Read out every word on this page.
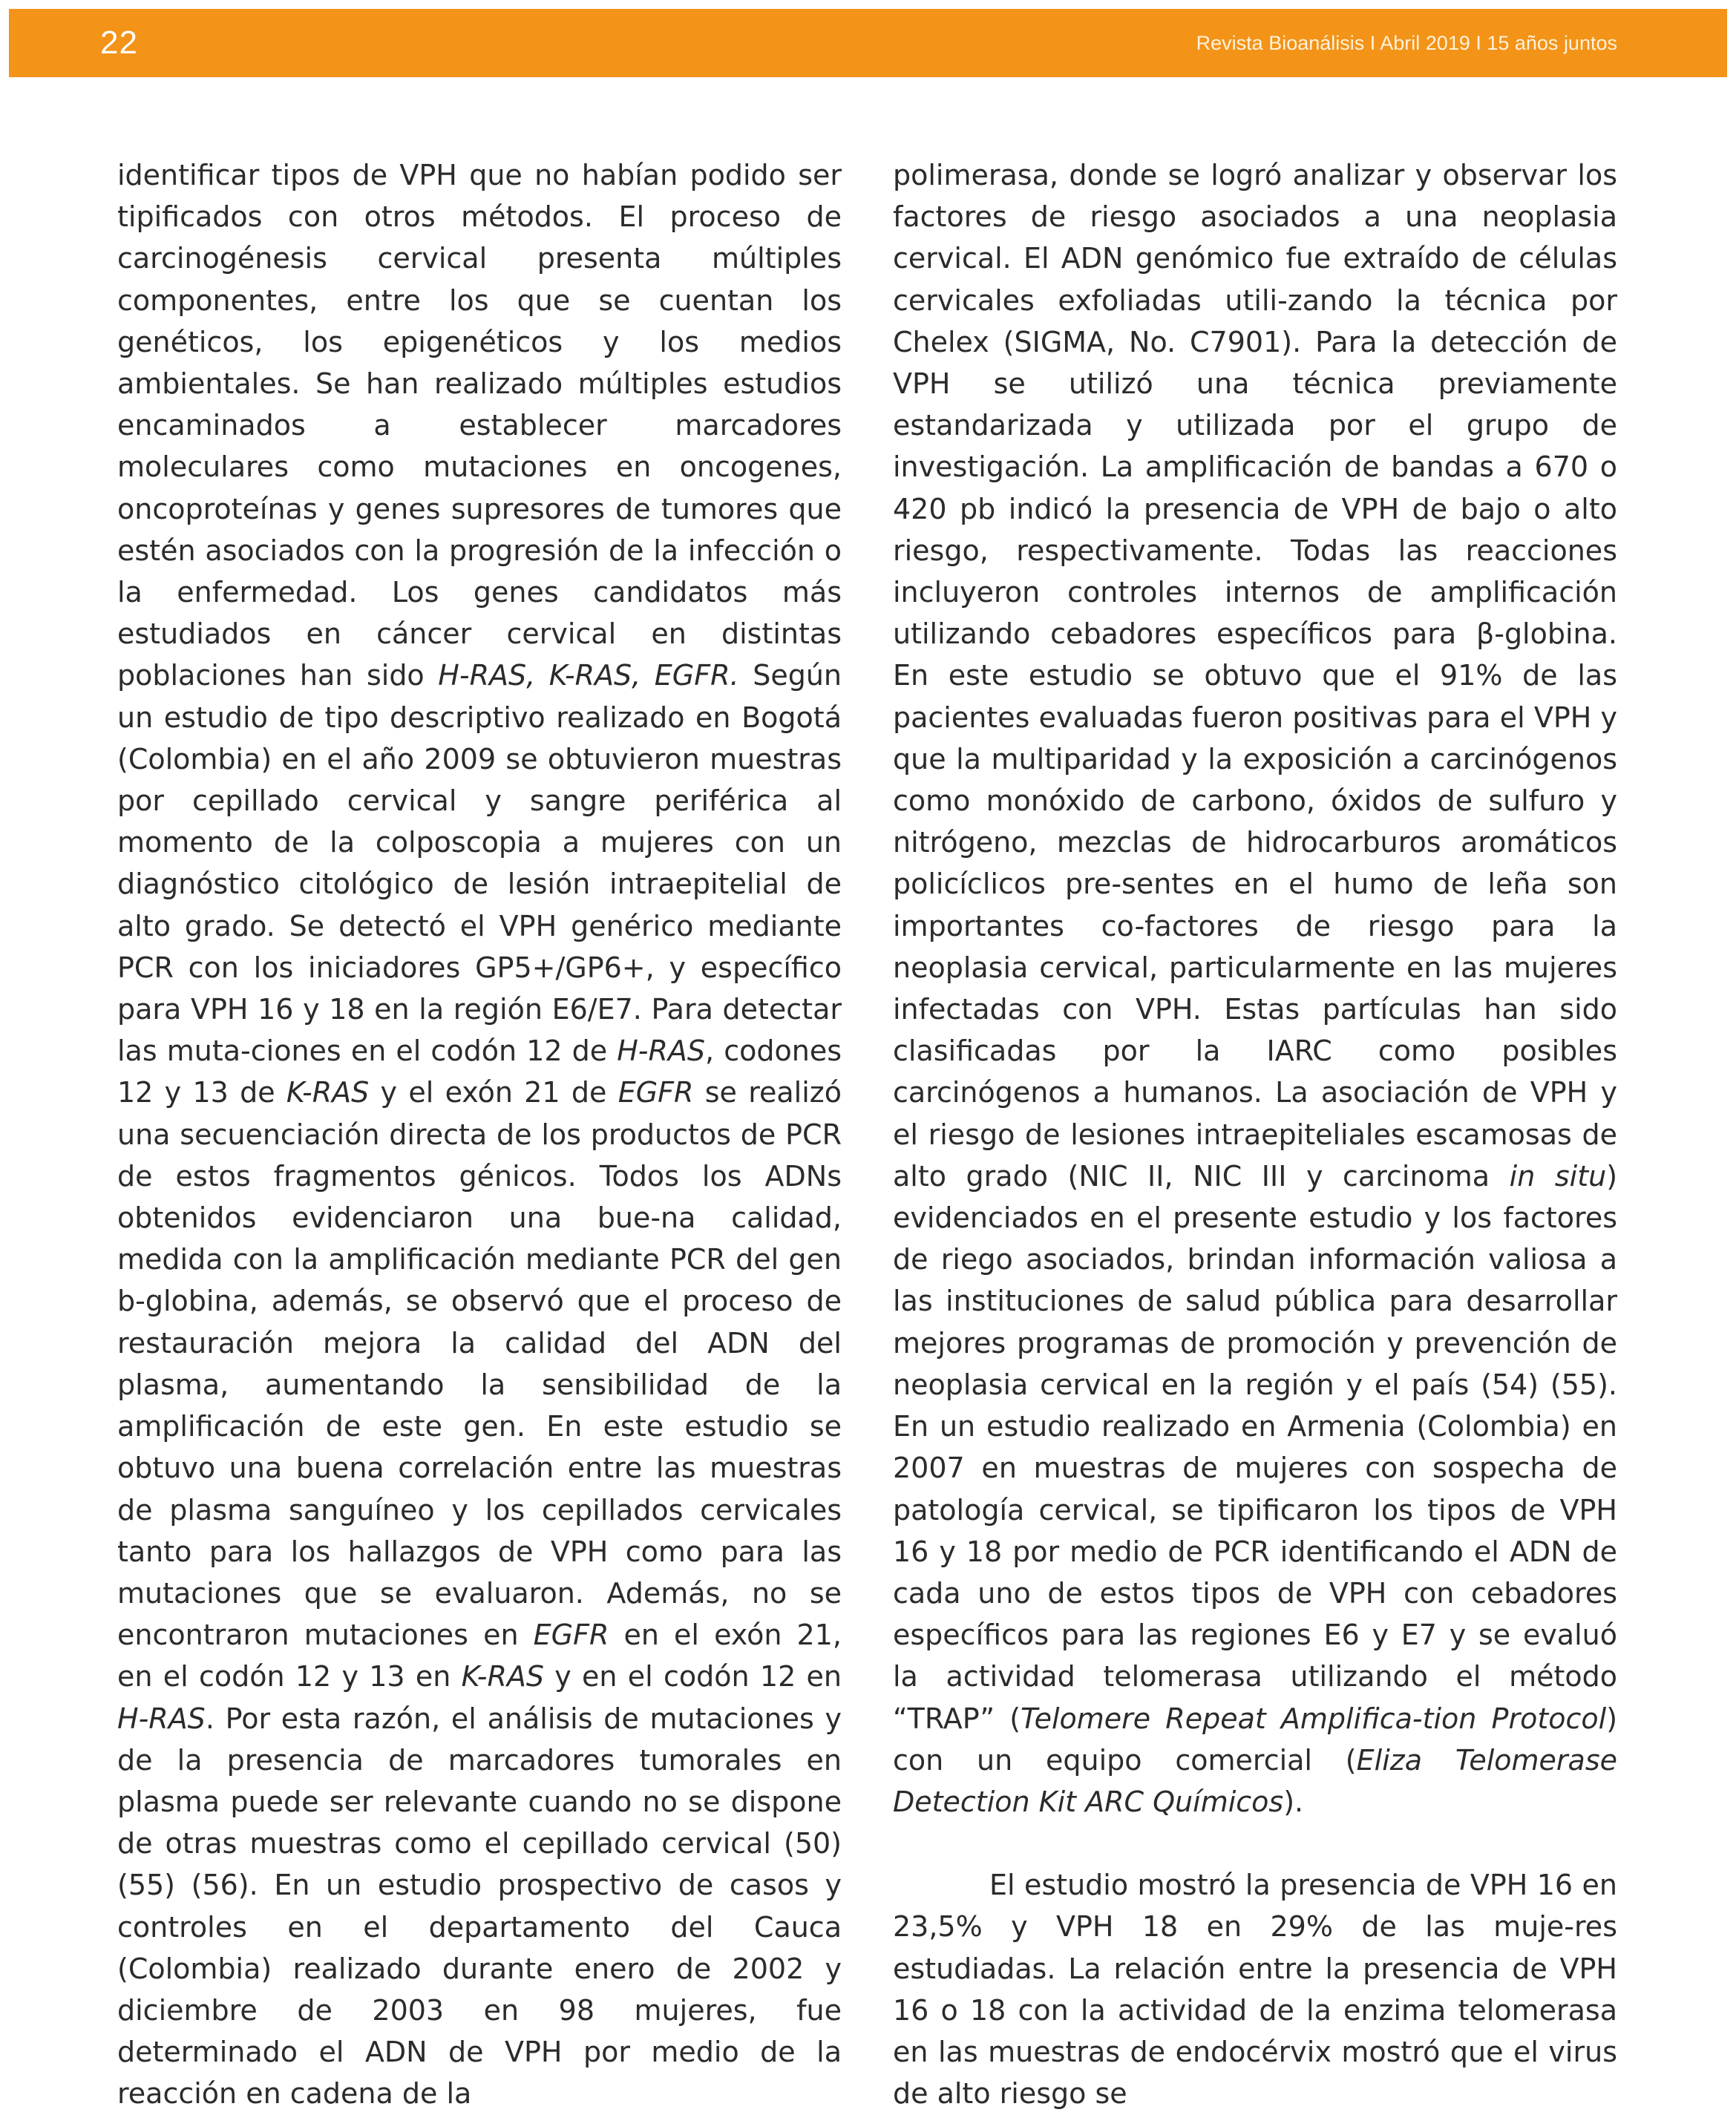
22	Revista Bioanálisis I Abril 2019 I 15 años juntos

identificar tipos de VPH que no habían podido ser tipificados con otros métodos. El proceso de carcinogénesis cervical presenta múltiples componentes, entre los que se cuentan los genéticos, los epigenéticos y los medios ambientales. Se han realizado múltiples estudios encaminados a establecer marcadores moleculares como mutaciones en oncogenes, oncoproteínas y genes supresores de tumores que estén asociados con la progresión de la infección o la enfermedad. Los genes candidatos más estudiados en cáncer cervical en distintas poblaciones han sido H-RAS, K-RAS, EGFR. Según un estudio de tipo descriptivo realizado en Bogotá (Colombia) en el año 2009 se obtuvieron muestras por cepillado cervical y sangre periférica al momento de la colposcopia a mujeres con un diagnóstico citológico de lesión intraepitelial de alto grado. Se detectó el VPH genérico mediante PCR con los iniciadores GP5+/GP6+, y específico para VPH 16 y 18 en la región E6/E7. Para detectar las muta-ciones en el codón 12 de H-RAS, codones 12 y 13 de K-RAS y el exón 21 de EGFR se realizó una secuenciación directa de los productos de PCR de estos fragmentos génicos. Todos los ADNs obtenidos evidenciaron una bue-na calidad, medida con la amplificación mediante PCR del gen b-globina, además, se observó que el proceso de restauración mejora la calidad del ADN del plasma, aumentando la sensibilidad de la amplificación de este gen. En este estudio se obtuvo una buena correlación entre las muestras de plasma sanguíneo y los cepillados cervicales tanto para los hallazgos de VPH como para las mutaciones que se evaluaron. Además, no se encontraron mutaciones en EGFR en el exón 21, en el codón 12 y 13 en K-RAS y en el codón 12 en H-RAS. Por esta razón, el análisis de mutaciones y de la presencia de marcadores tumorales en plasma puede ser relevante cuando no se dispone de otras muestras como el cepillado cervical (50) (55) (56). En un estudio prospectivo de casos y controles en el departamento del Cauca (Colombia) realizado durante enero de 2002 y diciembre de 2003 en 98 mujeres, fue determinado el ADN de VPH por medio de la reacción en cadena de la

polimerasa, donde se logró analizar y observar los factores de riesgo asociados a una neoplasia cervical. El ADN genómico fue extraído de células cervicales exfoliadas utili-zando la técnica por Chelex (SIGMA, No. C7901). Para la detección de VPH se utilizó una técnica previamente estandarizada y utilizada por el grupo de investigación. La amplificación de bandas a 670 o 420 pb indicó la presencia de VPH de bajo o alto riesgo, respectivamente. Todas las reacciones incluyeron controles internos de amplificación utilizando cebadores específicos para β-globina. En este estudio se obtuvo que el 91% de las pacientes evaluadas fueron positivas para el VPH y que la multiparidad y la exposición a carcinógenos como monóxido de carbono, óxidos de sulfuro y nitrógeno, mezclas de hidrocarburos aromáticos policíclicos pre-sentes en el humo de leña son importantes co-factores de riesgo para la neoplasia cervical, particularmente en las mujeres infectadas con VPH. Estas partículas han sido clasificadas por la IARC como posibles carcinógenos a humanos. La asociación de VPH y el riesgo de lesiones intraepiteliales escamosas de alto grado (NIC II, NIC III y carcinoma in situ) evidenciados en el presente estudio y los factores de riego asociados, brindan información valiosa a las instituciones de salud pública para desarrollar mejores programas de promoción y prevención de neoplasia cervical en la región y el país (54) (55). En un estudio realizado en Armenia (Colombia) en 2007 en muestras de mujeres con sospecha de patología cervical, se tipificaron los tipos de VPH 16 y 18 por medio de PCR identificando el ADN de cada uno de estos tipos de VPH con cebadores específicos para las regiones E6 y E7 y se evaluó la actividad telomerasa utilizando el método “TRAP” (Telomere Repeat Amplifica-tion Protocol) con un equipo comercial (Eliza Telomerase Detection Kit ARC Químicos).

El estudio mostró la presencia de VPH 16 en 23,5% y VPH 18 en 29% de las muje-res estudiadas. La relación entre la presencia de VPH 16 o 18 con la actividad de la enzima telomerasa en las muestras de endocérvix mostró que el virus de alto riesgo se
